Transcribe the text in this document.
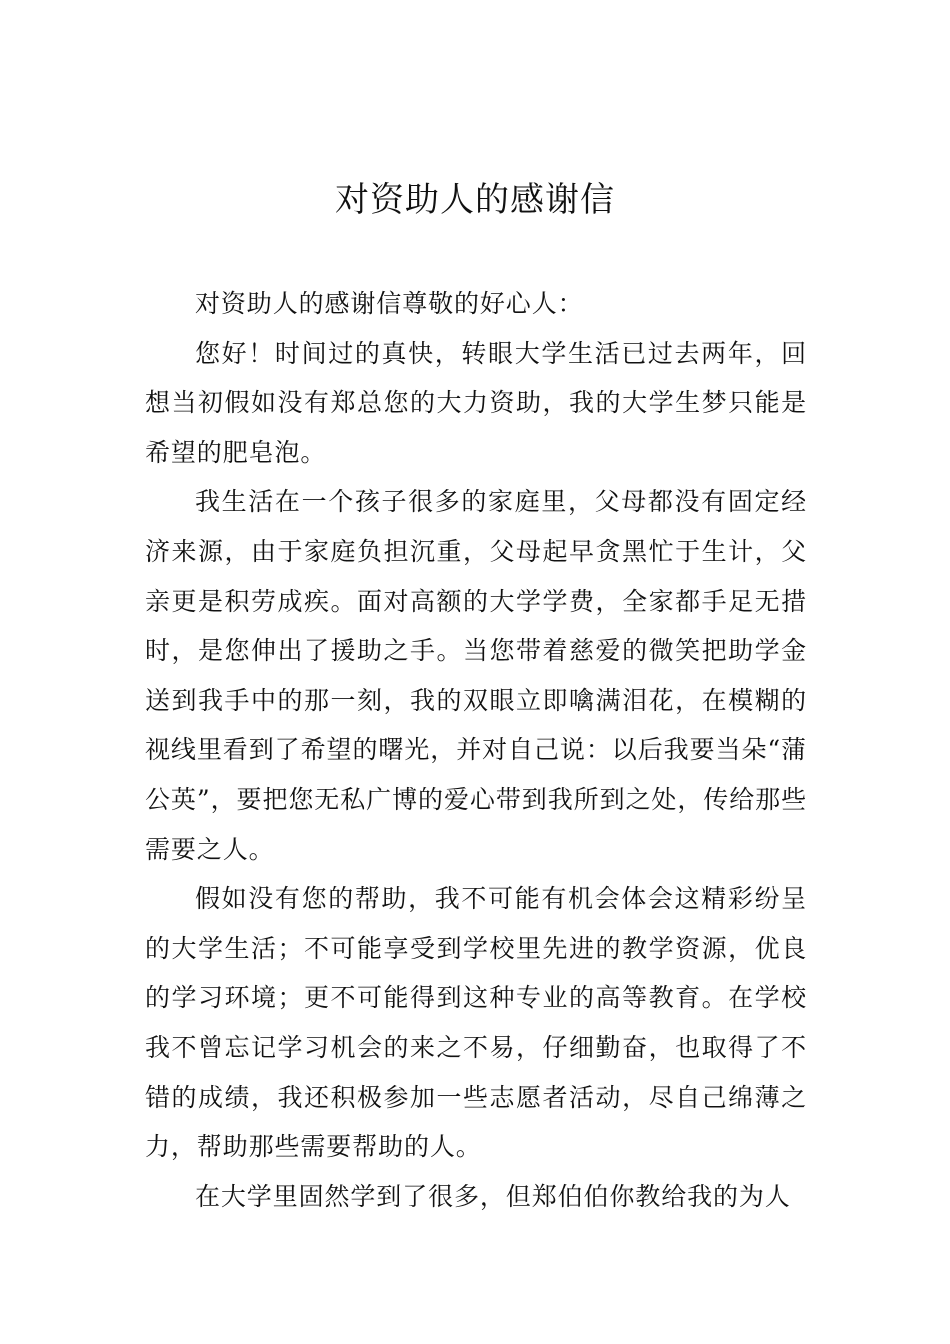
对资助人的感谢信

对资助人的感谢信尊敬的好心人：

您好！时间过的真快，转眼大学生活已过去两年，回想当初假如没有郑总您的大力资助，我的大学生梦只能是希望的肥皂泡。

我生活在一个孩子很多的家庭里，父母都没有固定经济来源，由于家庭负担沉重，父母起早贪黑忙于生计，父亲更是积劳成疾。面对高额的大学学费，全家都手足无措时，是您伸出了援助之手。当您带着慈爱的微笑把助学金送到我手中的那一刻，我的双眼立即噙满泪花，在模糊的视线里看到了希望的曙光，并对自己说：以后我要当朵“蒲公英”，要把您无私广博的爱心带到我所到之处，传给那些需要之人。

假如没有您的帮助，我不可能有机会体会这精彩纷呈的大学生活；不可能享受到学校里先进的教学资源，优良的学习环境；更不可能得到这种专业的高等教育。在学校我不曾忘记学习机会的来之不易，仔细勤奋，也取得了不错的成绩，我还积极参加一些志愿者活动，尽自己绵薄之力，帮助那些需要帮助的人。

在大学里固然学到了很多，但郑伯伯你教给我的为人
